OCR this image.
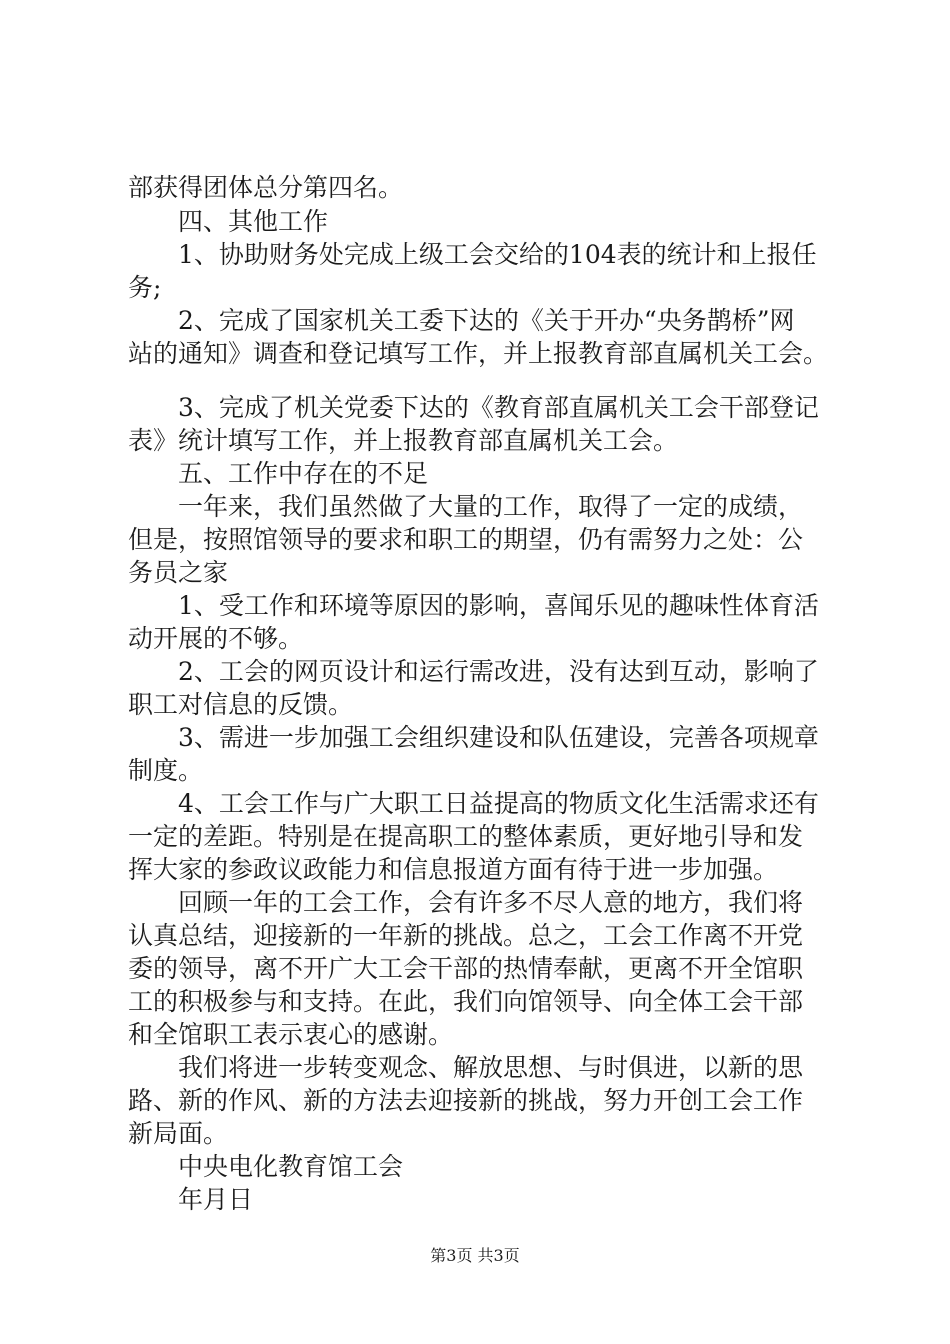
部获得团体总分第四名。
四、其他工作
1、协助财务处完成上级工会交给的104表的统计和上报任
务;
2、完成了国家机关工委下达的《关于开办“央务鹊桥”网
站的通知》调查和登记填写工作，并上报教育部直属机关工会。
3、完成了机关党委下达的《教育部直属机关工会干部登记
表》统计填写工作，并上报教育部直属机关工会。
五、工作中存在的不足
一年来，我们虽然做了大量的工作，取得了一定的成绩，
但是，按照馆领导的要求和职工的期望，仍有需努力之处：公
务员之家
1、受工作和环境等原因的影响，喜闻乐见的趣味性体育活
动开展的不够。
2、工会的网页设计和运行需改进，没有达到互动，影响了
职工对信息的反馈。
3、需进一步加强工会组织建设和队伍建设，完善各项规章
制度。
4、工会工作与广大职工日益提高的物质文化生活需求还有
一定的差距。特别是在提高职工的整体素质，更好地引导和发
挥大家的参政议政能力和信息报道方面有待于进一步加强。
回顾一年的工会工作，会有许多不尽人意的地方，我们将
认真总结，迎接新的一年新的挑战。总之，工会工作离不开党
委的领导，离不开广大工会干部的热情奉献，更离不开全馆职
工的积极参与和支持。在此，我们向馆领导、向全体工会干部
和全馆职工表示衷心的感谢。
我们将进一步转变观念、解放思想、与时俱进，以新的思
路、新的作风、新的方法去迎接新的挑战，努力开创工会工作
新局面。
中央电化教育馆工会
年月日
第3页 共3页
